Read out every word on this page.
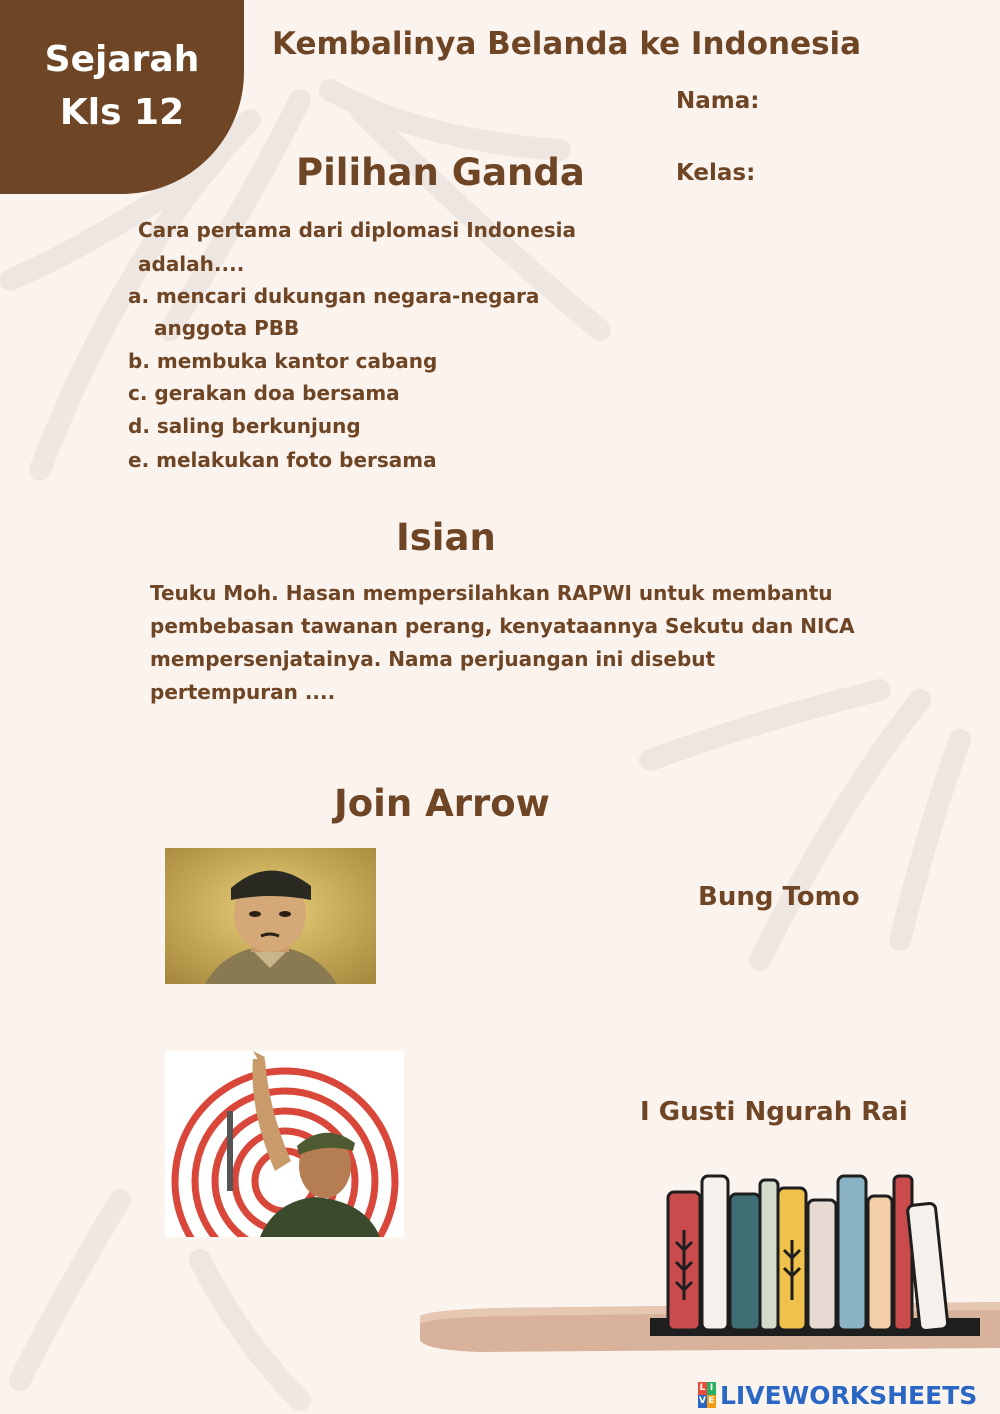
Sejarah
Kls 12
Kembalinya Belanda ke Indonesia
Nama:
Kelas:
Pilihan Ganda
Cara pertama dari diplomasi Indonesia
adalah....
a. mencari dukungan negara-negara
anggota PBB
b. membuka kantor cabang
c. gerakan doa bersama
d. saling berkunjung
e. melakukan foto bersama
Isian
Teuku Moh. Hasan mempersilahkan RAPWI untuk membantu
pembebasan tawanan perang, kenyataannya Sekutu dan NICA
mempersenjatainya. Nama perjuangan ini disebut
pertempuran ....
Join Arrow
Bung Tomo
I Gusti Ngurah Rai
L I
V E LIVEWORKSHEETS
